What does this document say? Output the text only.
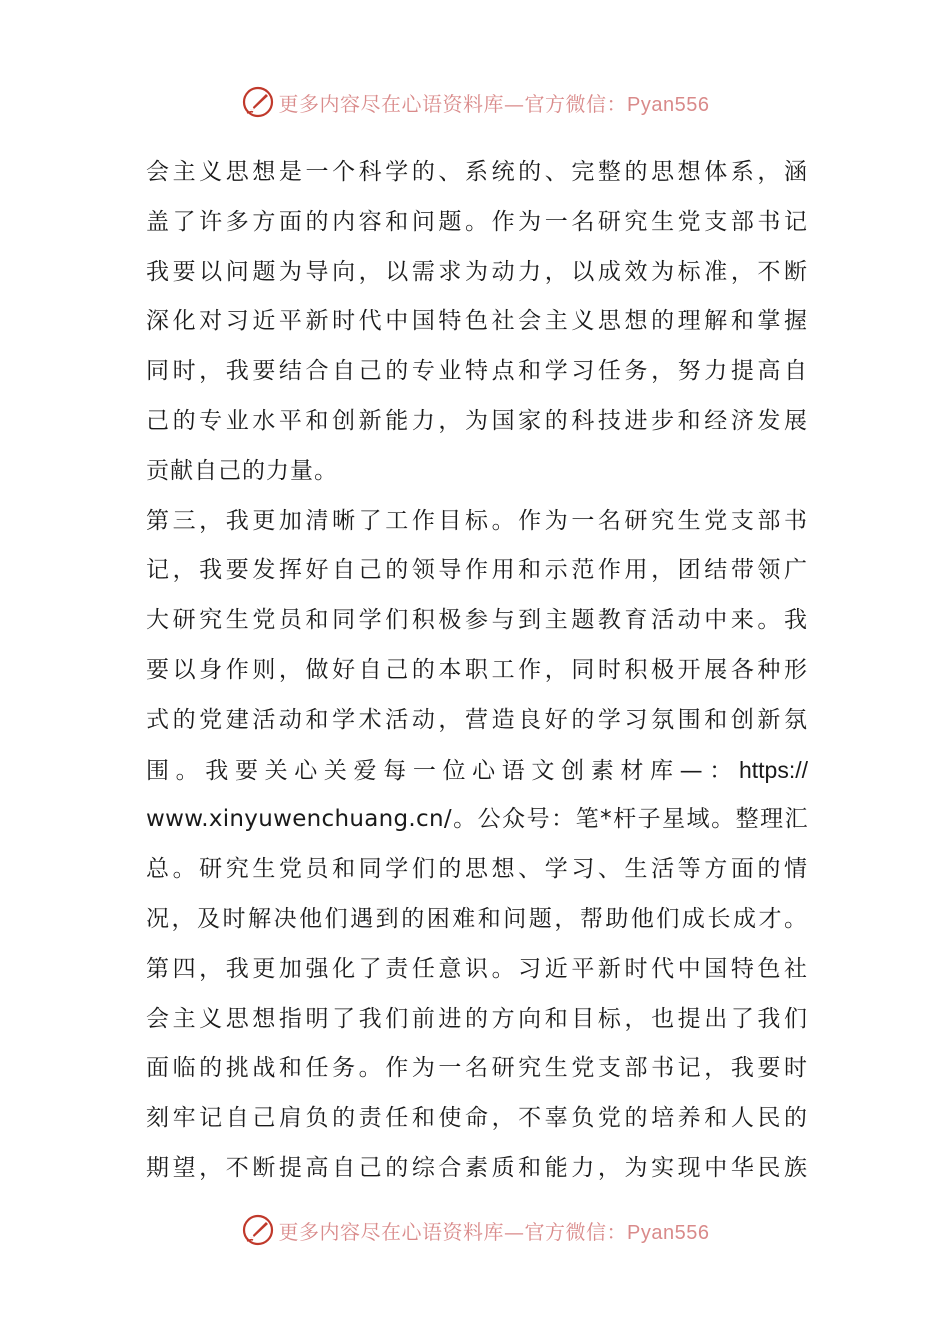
更多内容尽在心语资料库—官方微信：Pyan556
会主义思想是一个科学的、系统的、完整的思想体系，涵
盖了许多方面的内容和问题。作为一名研究生党支部书记
我要以问题为导向，以需求为动力，以成效为标准，不断
深化对习近平新时代中国特色社会主义思想的理解和掌握
同时，我要结合自己的专业特点和学习任务，努力提高自
己的专业水平和创新能力，为国家的科技进步和经济发展
贡献自己的力量。
第三，我更加清晰了工作目标。作为一名研究生党支部书
记，我要发挥好自己的领导作用和示范作用，团结带领广
大研究生党员和同学们积极参与到主题教育活动中来。我
要以身作则，做好自己的本职工作，同时积极开展各种形
式的党建活动和学术活动，营造良好的学习氛围和创新氛
围。我要关心关爱每一位心语文创素材库—：https://
www.xinyuwenchuang.cn/。公众号：笔*杆子星域。整理汇
总。研究生党员和同学们的思想、学习、生活等方面的情
况，及时解决他们遇到的困难和问题，帮助他们成长成才。
第四，我更加强化了责任意识。习近平新时代中国特色社
会主义思想指明了我们前进的方向和目标，也提出了我们
面临的挑战和任务。作为一名研究生党支部书记，我要时
刻牢记自己肩负的责任和使命，不辜负党的培养和人民的
期望，不断提高自己的综合素质和能力，为实现中华民族
更多内容尽在心语资料库—官方微信：Pyan556
